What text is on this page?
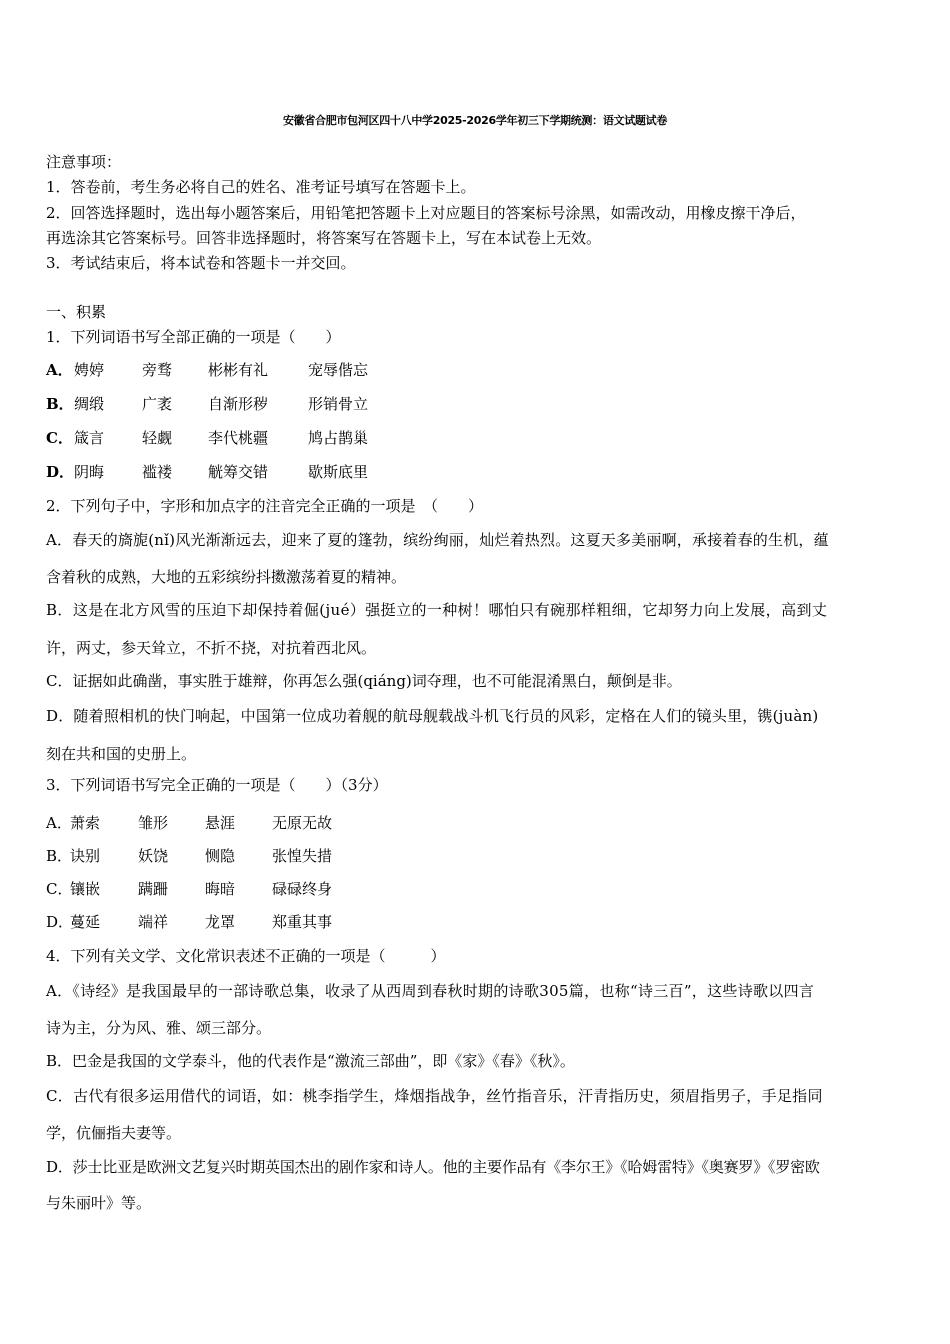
安徽省合肥市包河区四十八中学2025-2026学年初三下学期统测：语文试题试卷
注意事项：
1．答卷前，考生务必将自己的姓名、准考证号填写在答题卡上。
2．回答选择题时，选出每小题答案后，用铅笔把答题卡上对应题目的答案标号涂黑，如需改动，用橡皮擦干净后，
再选涂其它答案标号。回答非选择题时，将答案写在答题卡上，写在本试卷上无效。
3．考试结束后，将本试卷和答题卡一并交回。
一、积累
1．下列词语书写全部正确的一项是（　　）
A． 娉婷	旁骛 彬彬有礼	宠辱偕忘
B． 绸缎	广袤 自渐形秽	形销骨立
C． 箴言	轻觑 李代桃疆	鸠占鹊巢
D． 阴晦	褴褛 觥筹交错	歇斯底里
2．下列句子中，字形和加点字的注音完全正确的一项是　（　　）
A．春天的旖旎(nǐ)风光渐渐远去，迎来了夏的篷勃，缤纷绚丽，灿烂着热烈。这夏天多美丽啊，承接着春的生机，蕴
含着秋的成熟，大地的五彩缤纷抖擞激荡着夏的精神。
B．这是在北方风雪的压迫下却保持着倔(jué）强挺立的一种树！哪怕只有碗那样粗细，它却努力向上发展，高到丈
许，两丈，参天耸立，不折不挠，对抗着西北风。
C．证据如此确凿，事实胜于雄辩，你再怎么强(qiáng)词夺理，也不可能混淆黑白，颠倒是非。
D．随着照相机的快门响起，中国第一位成功着舰的航母舰载战斗机飞行员的风彩，定格在人们的镜头里，镌(juàn)
刻在共和国的史册上。
3．下列词语书写完全正确的一项是（　　）（3分）
A．
萧索	雏形 悬涯 无原无故
B．
诀别	妖饶 恻隐 张惶失措
C．
镶嵌	蹒跚 晦暗 碌碌终身
D．
蔓延	端祥 龙罩 郑重其事
4．下列有关文学、文化常识表述不正确的一项是（　　　）
A．《诗经》是我国最早的一部诗歌总集，收录了从西周到春秋时期的诗歌305篇，也称“诗三百”，这些诗歌以四言
诗为主，分为风、雅、颂三部分。
B．巴金是我国的文学泰斗，他的代表作是“激流三部曲”，即《家》《春》《秋》。
C．古代有很多运用借代的词语，如：桃李指学生，烽烟指战争，丝竹指音乐，汗青指历史，须眉指男子，手足指同
学，伉俪指夫妻等。
D．莎士比亚是欧洲文艺复兴时期英国杰出的剧作家和诗人。他的主要作品有《李尔王》《哈姆雷特》《奥赛罗》《罗密欧
与朱丽叶》等。
